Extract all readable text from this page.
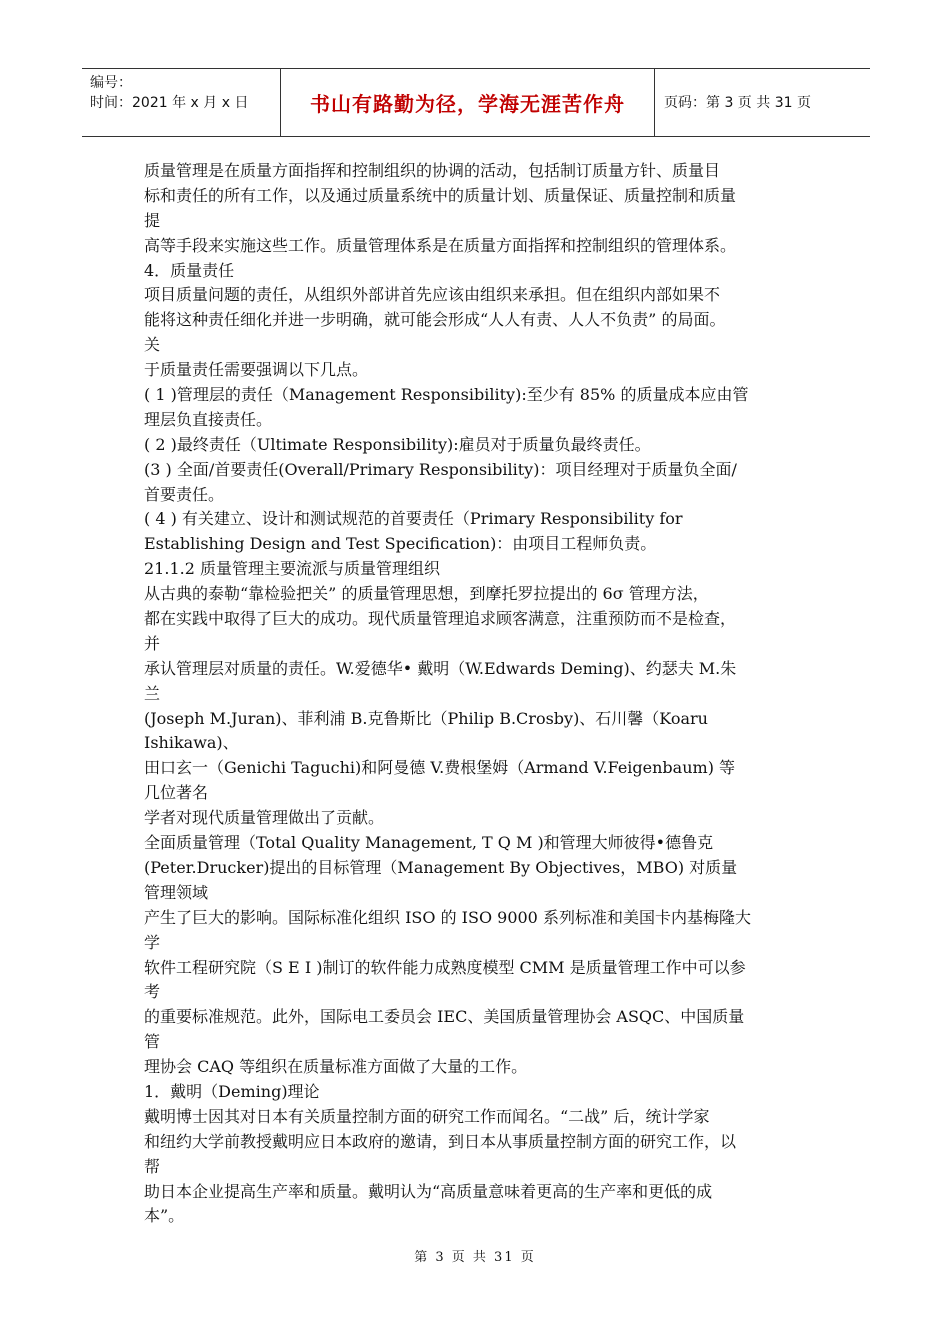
编号：
时间：2021 年 x 月 x 日	书山有路勤为径，学海无涯苦作舟	页码：第 3 页 共 31 页
质量管理是在质量方面指挥和控制组织的协调的活动，包括制订质量方针、质量目
标和责任的所有工作，以及通过质量系统中的质量计划、质量保证、质量控制和质量
提
高等手段来实施这些工作。质量管理体系是在质量方面指挥和控制组织的管理体系。
4．质量责任
项目质量问题的责任，从组织外部讲首先应该由组织来承担。但在组织内部如果不
能将这种责任细化并进一步明确，就可能会形成“人人有责、人人不负责” 的局面。
关
于质量责任需要强调以下几点。
( 1 )管理层的责任（Management Responsibility):至少有 85% 的质量成本应由管
理层负直接责任。
( 2 )最终责任（Ultimate Responsibility):雇员对于质量负最终责任。
(3 ) 全面/首要责任(Overall/Primary Responsibility)：项目经理对于质量负全面/
首要责任。
( 4 ) 有关建立、设计和测试规范的首要责任（Primary Responsibility for
Establishing Design and Test Specification)：由项目工程师负责。
21.1.2 质量管理主要流派与质量管理组织
从古典的泰勒“靠检验把关” 的质量管理思想，到摩托罗拉提出的 6σ 管理方法，
都在实践中取得了巨大的成功。现代质量管理追求顾客满意，注重预防而不是检查，
并
承认管理层对质量的责任。W.爱德华• 戴明（W.Edwards Deming)、约瑟夫 M.朱
兰
(Joseph M.Juran)、菲利浦 B.克鲁斯比（Philip B.Crosby)、石川馨（Koaru
Ishikawa)、
田口玄一（Genichi Taguchi)和阿曼德 V.费根堡姆（Armand V.Feigenbaum) 等
几位著名
学者对现代质量管理做出了贡献。
全面质量管理（Total Quality Management, T Q M )和管理大师彼得•德鲁克
(Peter.Drucker)提出的目标管理（Management By Objectives，MBO) 对质量
管理领域
产生了巨大的影响。国际标准化组织 ISO 的 ISO 9000 系列标准和美国卡内基梅隆大
学
软件工程研究院（S E I )制订的软件能力成熟度模型 CMM 是质量管理工作中可以参
考
的重要标准规范。此外，国际电工委员会 IEC、美国质量管理协会 ASQC、中国质量
管
理协会 CAQ 等组织在质量标准方面做了大量的工作。
1．戴明（Deming)理论
戴明博士因其对日本有关质量控制方面的研究工作而闻名。“二战” 后，统计学家
和纽约大学前教授戴明应日本政府的邀请，到日本从事质量控制方面的研究工作，以
帮
助日本企业提高生产率和质量。戴明认为“高质量意味着更高的生产率和更低的成
本”。
第 3 页 共 31 页
